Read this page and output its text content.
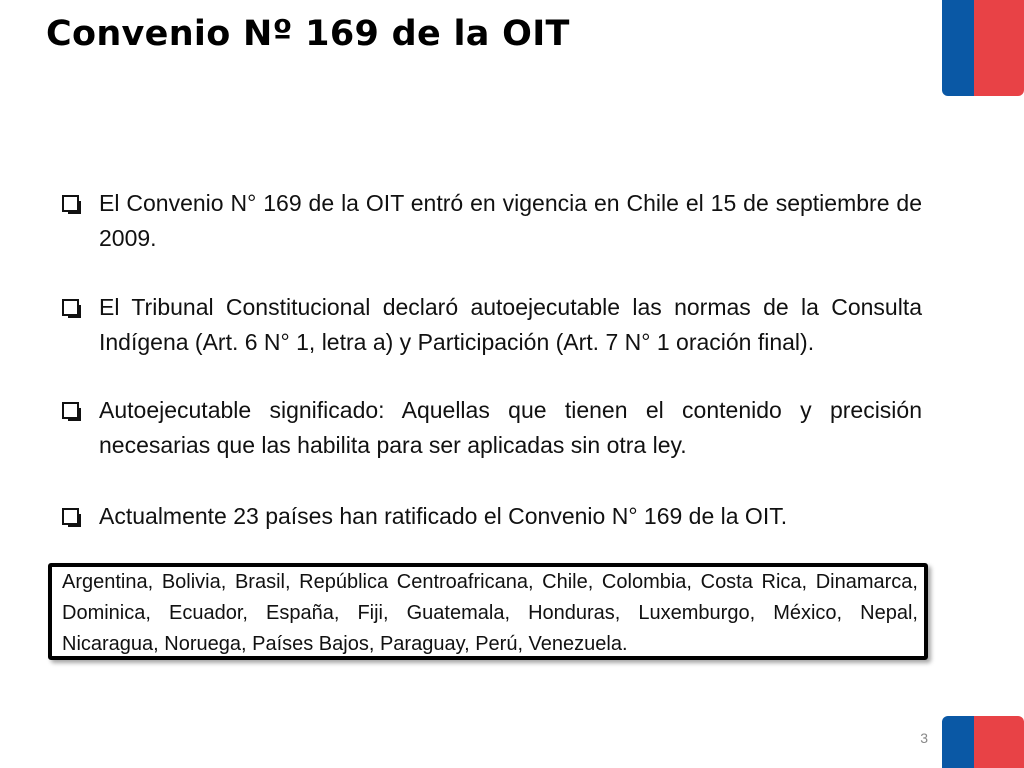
Convenio Nº 169 de la OIT
El Convenio N° 169 de la OIT entró en vigencia en Chile el 15 de septiembre de 2009.
El Tribunal Constitucional declaró autoejecutable las normas de la Consulta Indígena (Art. 6 N° 1, letra a) y Participación (Art. 7 N° 1 oración final).
Autoejecutable significado: Aquellas que tienen el contenido y precisión necesarias que las habilita para ser aplicadas sin otra ley.
Actualmente 23 países han ratificado el Convenio N° 169 de la OIT.
Argentina, Bolivia, Brasil, República Centroafricana, Chile, Colombia, Costa Rica, Dinamarca, Dominica, Ecuador, España, Fiji, Guatemala, Honduras, Luxemburgo, México, Nepal, Nicaragua, Noruega, Países Bajos, Paraguay, Perú, Venezuela.
3
